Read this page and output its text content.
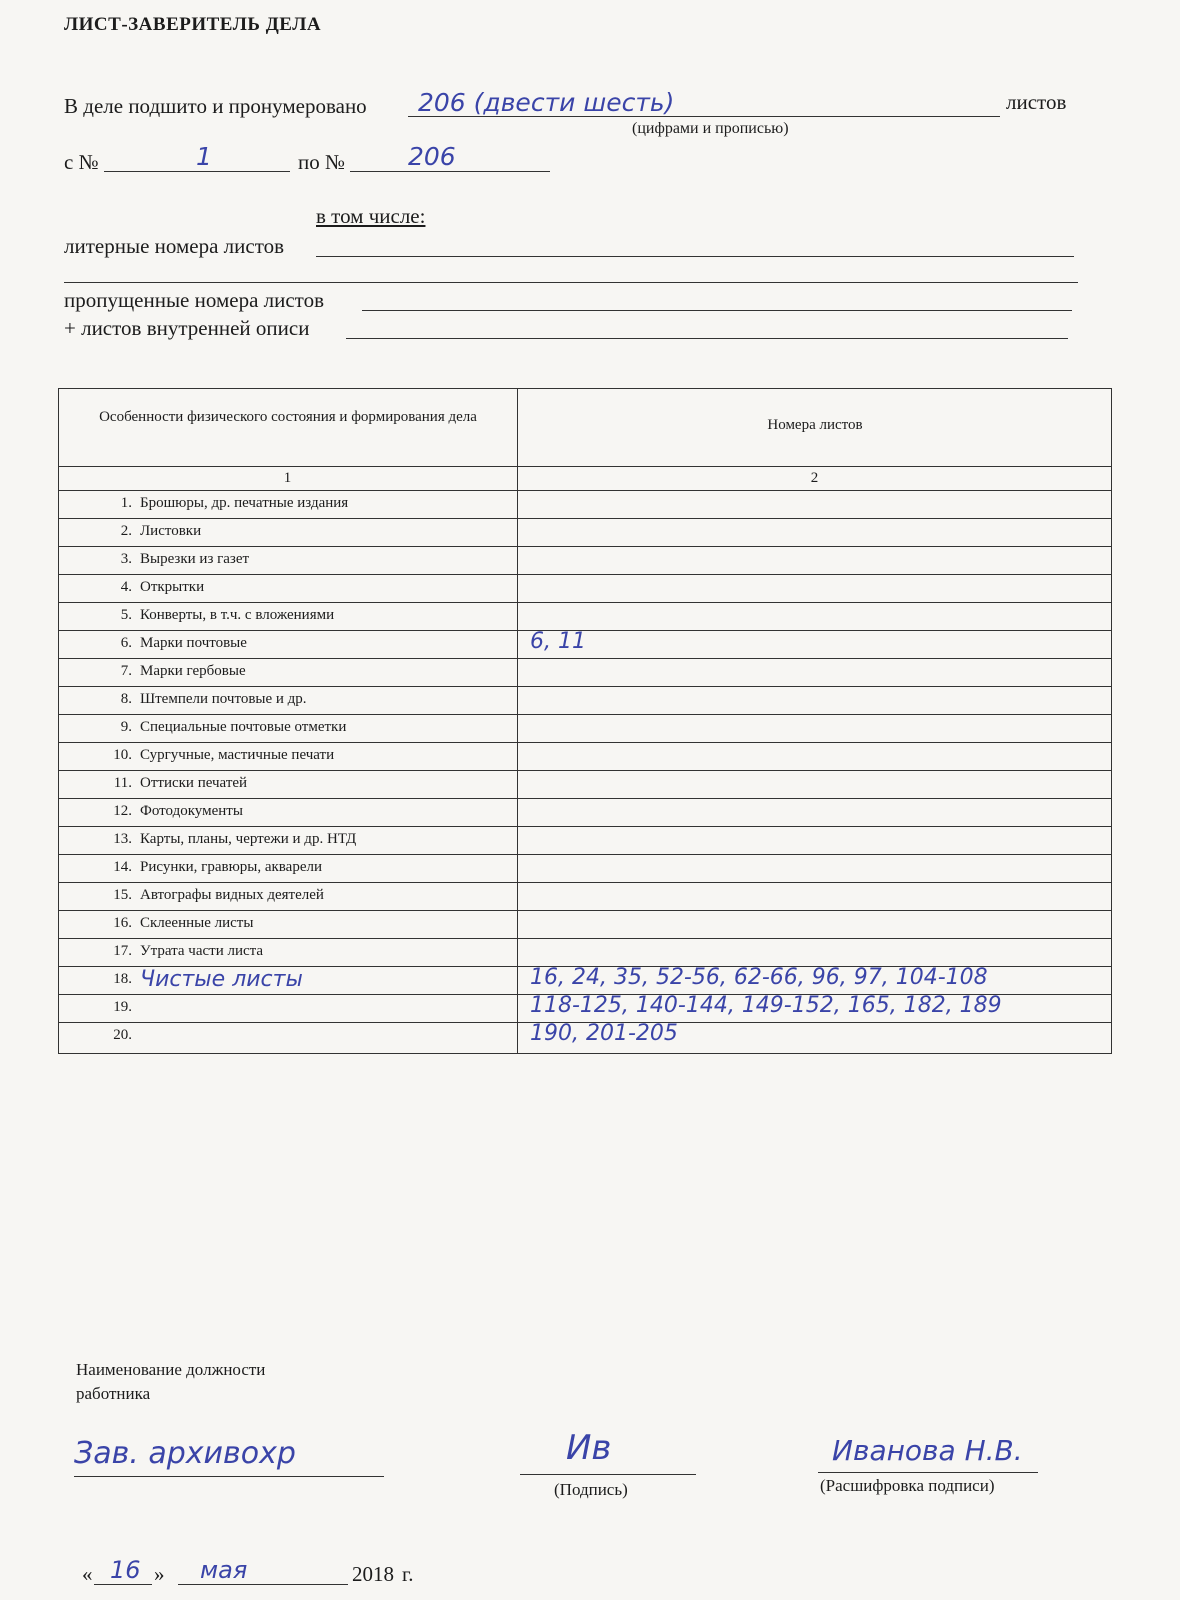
ЛИСТ-ЗАВЕРИТЕЛЬ ДЕЛА
В деле подшито и пронумеровано 206 (двести шесть)	листов
(цифрами и прописью)
с №	1	по №	206
в том числе:
литерные номера листов
пропущенные номера листов
+ листов внутренней описи
Особенности физического состояния и формирования дела	Номера листов
1	2
1. Брошюры, др. печатные издания
2. Листовки
3. Вырезки из газет
4. Открытки
5. Конверты, в т.ч. с вложениями
6. Марки почтовые	6, 11
7. Марки гербовые
8. Штемпели почтовые и др.
9. Специальные почтовые отметки
10. Сургучные, мастичные печати
11. Оттиски печатей
12. Фотодокументы
13. Карты, планы, чертежи и др. НТД
14. Рисунки, гравюры, акварели
15. Автографы видных деятелей
16. Склеенные листы
17. Утрата части листа
18. Чистые листы	16, 24, 35, 52-56, 62-66, 96, 97, 104-108
19.	118-125, 140-144, 149-152, 165, 182, 189
20.	190, 201-205
Наименование должности работника
Зав. архивохр	Ив
(Подпись)
Иванова Н.В.
(Расшифровка подписи)
« 16 » мая	2018 г.
